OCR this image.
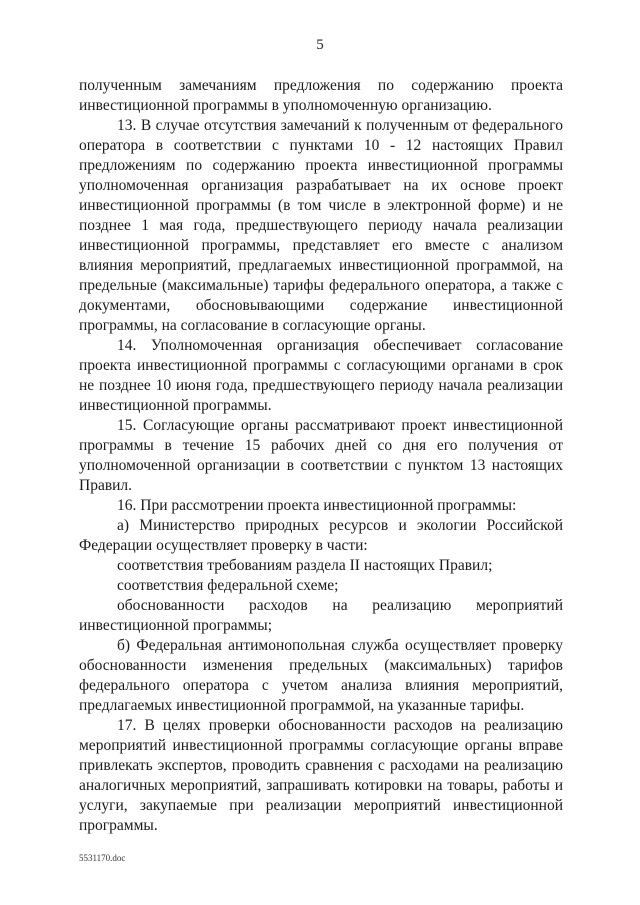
5

полученным замечаниям предложения по содержанию проекта инвестиционной программы в уполномоченную организацию.

13. В случае отсутствия замечаний к полученным от федерального оператора в соответствии с пунктами 10 - 12 настоящих Правил предложениям по содержанию проекта инвестиционной программы уполномоченная организация разрабатывает на их основе проект инвестиционной программы (в том числе в электронной форме) и не позднее 1 мая года, предшествующего периоду начала реализации инвестиционной программы, представляет его вместе с анализом влияния мероприятий, предлагаемых инвестиционной программой, на предельные (максимальные) тарифы федерального оператора, а также с документами, обосновывающими содержание инвестиционной программы, на согласование в согласующие органы.

14. Уполномоченная организация обеспечивает согласование проекта инвестиционной программы с согласующими органами в срок не позднее 10 июня года, предшествующего периоду начала реализации инвестиционной программы.

15. Согласующие органы рассматривают проект инвестиционной программы в течение 15 рабочих дней со дня его получения от уполномоченной организации в соответствии с пунктом 13 настоящих Правил.

16. При рассмотрении проекта инвестиционной программы:

а) Министерство природных ресурсов и экологии Российской Федерации осуществляет проверку в части:

соответствия требованиям раздела II настоящих Правил;

соответствия федеральной схеме;

обоснованности расходов на реализацию мероприятий инвестиционной программы;

б) Федеральная антимонопольная служба осуществляет проверку обоснованности изменения предельных (максимальных) тарифов федерального оператора с учетом анализа влияния мероприятий, предлагаемых инвестиционной программой, на указанные тарифы.

17. В целях проверки обоснованности расходов на реализацию мероприятий инвестиционной программы согласующие органы вправе привлекать экспертов, проводить сравнения с расходами на реализацию аналогичных мероприятий, запрашивать котировки на товары, работы и услуги, закупаемые при реализации мероприятий инвестиционной программы.

5531170.doc
